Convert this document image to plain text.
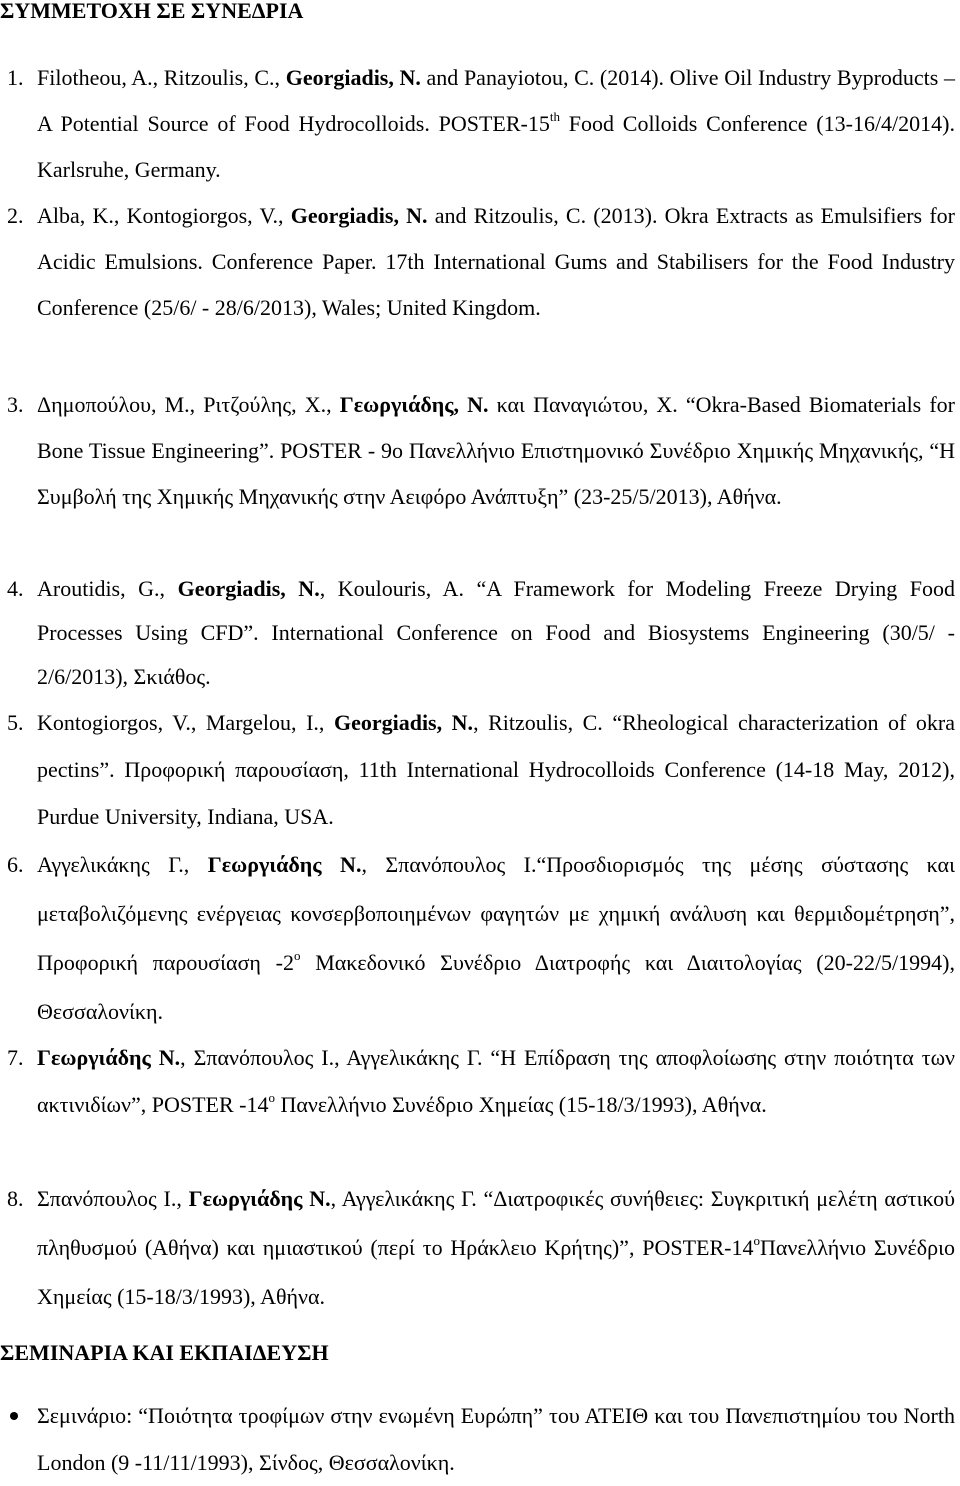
ΣΥΜΜΕΤΟΧΗ ΣΕ ΣΥΝΕΔΡΙΑ

1. Filotheou, A., Ritzoulis, C., Georgiadis, N. and Panayiotou, C. (2014). Olive Oil Industry Byproducts – A Potential Source of Food Hydrocolloids. POSTER-15th Food Colloids Conference (13-16/4/2014). Karlsruhe, Germany.

2. Alba, K., Kontogiorgos, V., Georgiadis, N. and Ritzoulis, C. (2013). Okra Extracts as Emulsifiers for Acidic Emulsions. Conference Paper. 17th International Gums and Stabilisers for the Food Industry Conference (25/6/ - 28/6/2013), Wales; United Kingdom.

3. Δημοπούλου, Μ., Ριτζούλης, Χ., Γεωργιάδης, Ν. και Παναγιώτου, Χ. “Okra-Based Biomaterials for Bone Tissue Engineering”. POSTER - 9o Πανελλήνιο Επιστημονικό Συνέδριο Χημικής Μηχανικής, “Η Συμβολή της Χημικής Μηχανικής στην Αειφόρο Ανάπτυξη” (23-25/5/2013), Αθήνα.

4. Aroutidis, G., Georgiadis, N., Koulouris, A. “A Framework for Modeling Freeze Drying Food Processes Using CFD”. International Conference on Food and Biosystems Engineering (30/5/ - 2/6/2013), Σκιάθος.

5. Kontogiorgos, V., Margelou, I., Georgiadis, N., Ritzoulis, C. “Rheological characterization of okra pectins”. Προφορική παρουσίαση, 11th International Hydrocolloids Conference (14-18 May, 2012), Purdue University, Indiana, USA.

6. Αγγελικάκης Γ., Γεωργιάδης Ν., Σπανόπουλος Ι.“Προσδιορισμός της μέσης σύστασης και μεταβολιζόμενης ενέργειας κονσερβοποιημένων φαγητών με χημική ανάλυση και θερμιδομέτρηση”, Προφορική παρουσίαση $-2^o$ Μακεδονικό Συνέδριο Διατροφής και Διαιτολογίας (20-22/5/1994), Θεσσαλονίκη.

7. Γεωργιάδης Ν., Σπανόπουλος Ι., Αγγελικάκης Γ. “Η Επίδραση της αποφλοίωσης στην ποιότητα των ακτινιδίων”, POSTER $-14^o$ Πανελλήνιο Συνέδριο Χημείας (15-18/3/1993), Αθήνα.

8. Σπανόπουλος Ι., Γεωργιάδης Ν., Αγγελικάκης Γ. “Διατροφικές συνήθειες: Συγκριτική μελέτη αστικού πληθυσμού (Αθήνα) και ημιαστικού (περί το Ηράκλειο Κρήτης)”, POSTER-$14^o\Pi\alpha\nu\varepsilon\lambda\lambda ή\nu\iota o$ Συνέδριο Χημείας (15-18/3/1993), Αθήνα.

ΣΕΜΙΝΑΡΙΑ ΚΑΙ ΕΚΠΑΙΔΕΥΣΗ

Σεμινάριο: “Ποιότητα τροφίμων στην ενωμένη Ευρώπη” του ΑΤΕΙΘ και του Πανεπιστημίου του North London (9 -11/11/1993), Σίνδος, Θεσσαλονίκη.
